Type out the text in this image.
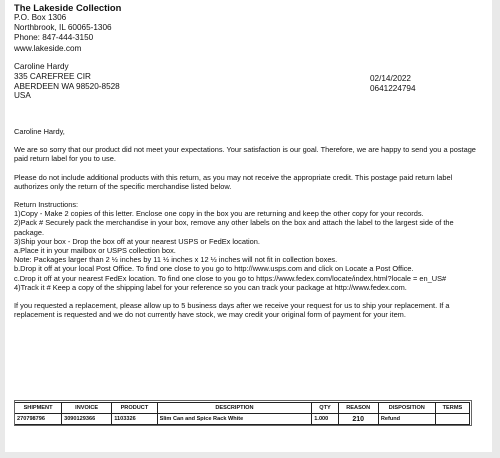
The Lakeside Collection
P.O. Box 1306
Northbrook, IL 60065-1306
Phone: 847-444-3150
www.lakeside.com
Caroline Hardy
335 CAREFREE CIR
ABERDEEN WA 98520-8528
USA
02/14/2022
0641224794

Caroline Hardy,

We are so sorry that our product did not meet your expectations. Your satisfaction is our goal. Therefore, we are happy to send you a postage paid return label for you to use.

Please do not include additional products with this return, as you may not receive the appropriate credit. This postage paid return label authorizes only the return of the specific merchandise listed below.

Return Instructions:

1)Copy - Make 2 copies of this letter. Enclose one copy in the box you are returning and keep the other copy for your records.

2)Pack # Securely pack the merchandise in your box, remove any other labels on the box and attach the label to the largest side of the package.

3)Ship your box - Drop the box off at your nearest USPS or FedEx location.

a.Place it in your mailbox or USPS collection box.

Note: Packages larger than 2 ½ inches by 11 ½ inches x 12 ½ inches will not fit in collection boxes.

b.Drop it off at your local Post Office. To find one close to you go to http://www.usps.com and click on Locate a Post Office.

c.Drop it off at your nearest FedEx location. To find one close to you go to https://www.fedex.com/locate/index.html?locale = en_US#

4)Track it # Keep a copy of the shipping label for your reference so you can track your package at http://www.fedex.com.

If you requested a replacement, please allow up to 5 business days after we receive your request for us to ship your replacement. If a replacement is requested and we do not currently have stock, we may credit your original form of payment for your item.

SHIPMENT	INVOICE	PRODUCT	DESCRIPTION	QTY	REASON	DISPOSITION	TERMS
270798796	3090129366	1103326	Slim Can and Spice Rack White	1.000	210	Refund	
